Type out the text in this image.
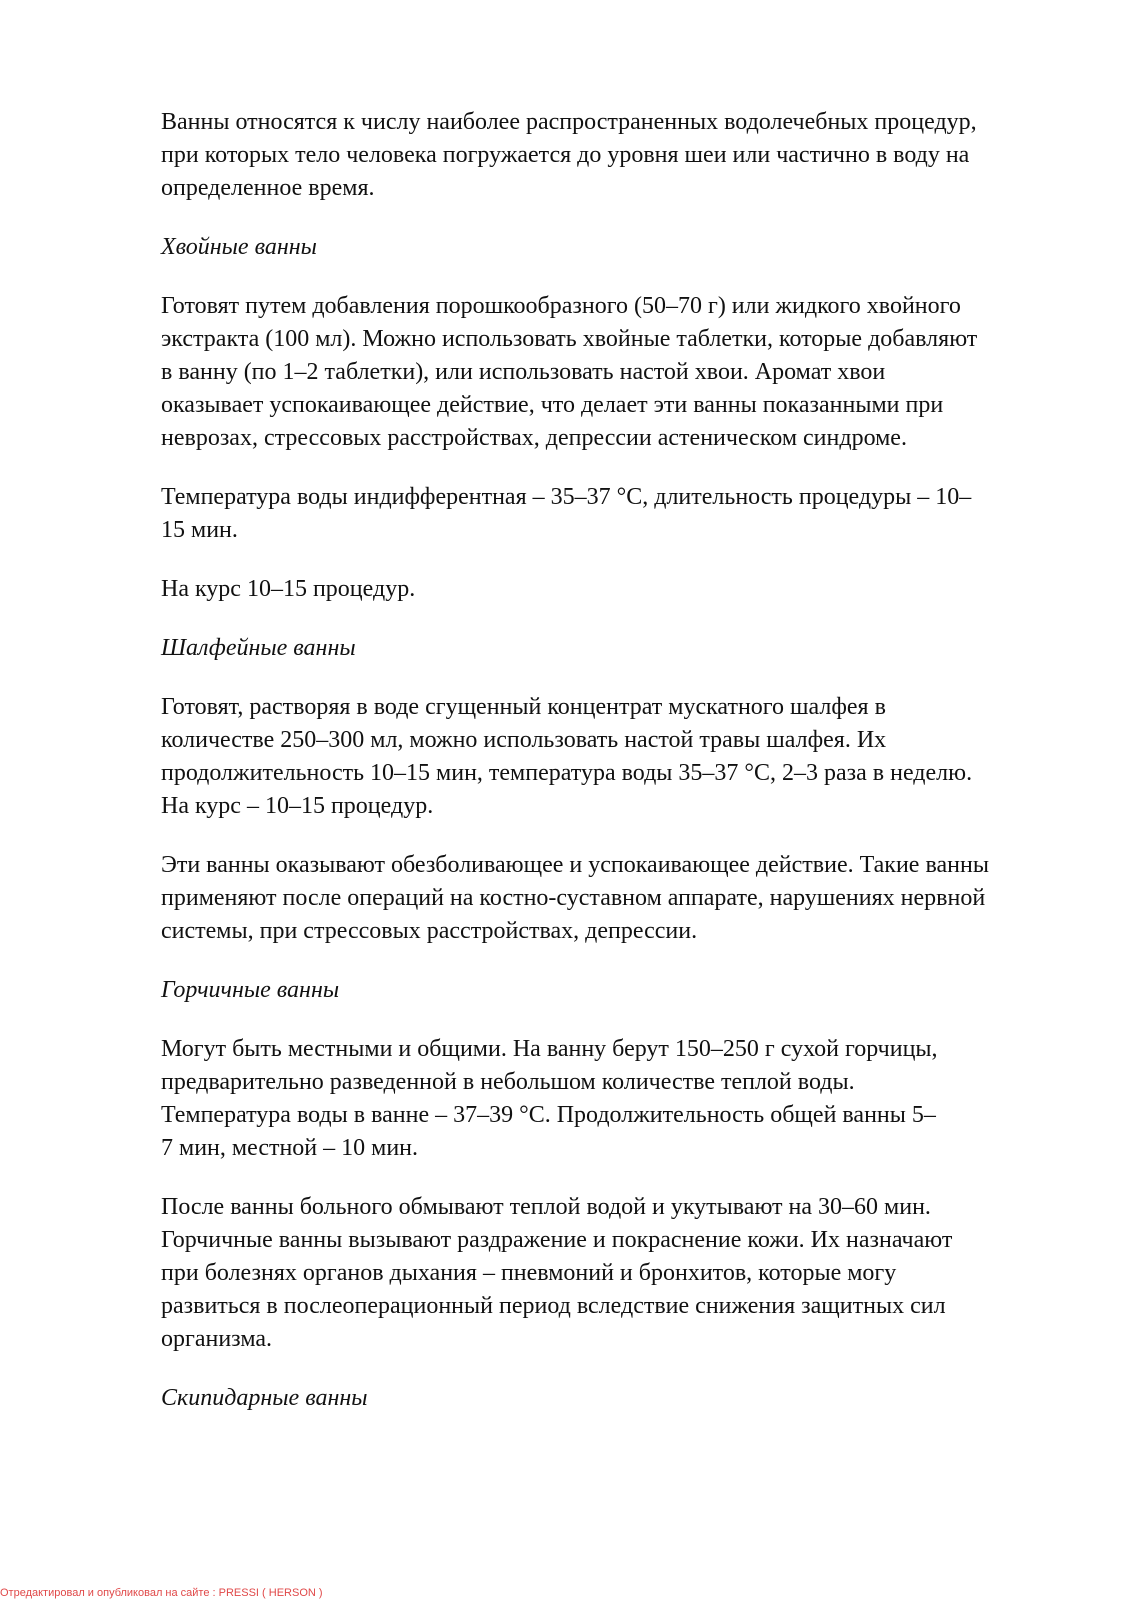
Ванны относятся к числу наиболее распространенных водолечебных процедур,
при которых тело человека погружается до уровня шеи или частично в воду на
определенное время.

Хвойные ванны

Готовят путем добавления порошкообразного (50–70 г) или жидкого хвойного
экстракта (100 мл). Можно использовать хвойные таблетки, которые добавляют
в ванну (по 1–2 таблетки), или использовать настой хвои. Аромат хвои
оказывает успокаивающее действие, что делает эти ванны показанными при
неврозах, стрессовых расстройствах, депрессии астеническом синдроме.

Температура воды индифферентная – 35–37 °C, длительность процедуры – 10–
15 мин.

На курс 10–15 процедур.

Шалфейные ванны

Готовят, растворяя в воде сгущенный концентрат мускатного шалфея в
количестве 250–300 мл, можно использовать настой травы шалфея. Их
продолжительность 10–15 мин, температура воды 35–37 °C, 2–3 раза в неделю.
На курс – 10–15 процедур.

Эти ванны оказывают обезболивающее и успокаивающее действие. Такие ванны
применяют после операций на костно-суставном аппарате, нарушениях нервной
системы, при стрессовых расстройствах, депрессии.

Горчичные ванны

Могут быть местными и общими. На ванну берут 150–250 г сухой горчицы,
предварительно разведенной в небольшом количестве теплой воды.
Температура воды в ванне – 37–39 °C. Продолжительность общей ванны 5–
7 мин, местной – 10 мин.

После ванны больного обмывают теплой водой и укутывают на 30–60 мин.
Горчичные ванны вызывают раздражение и покраснение кожи. Их назначают
при болезнях органов дыхания – пневмоний и бронхитов, которые могу
развиться в послеоперационный период вследствие снижения защитных сил
организма.

Скипидарные ванны

Отредактировал и опубликовал на сайте : PRESSI ( HERSON )
